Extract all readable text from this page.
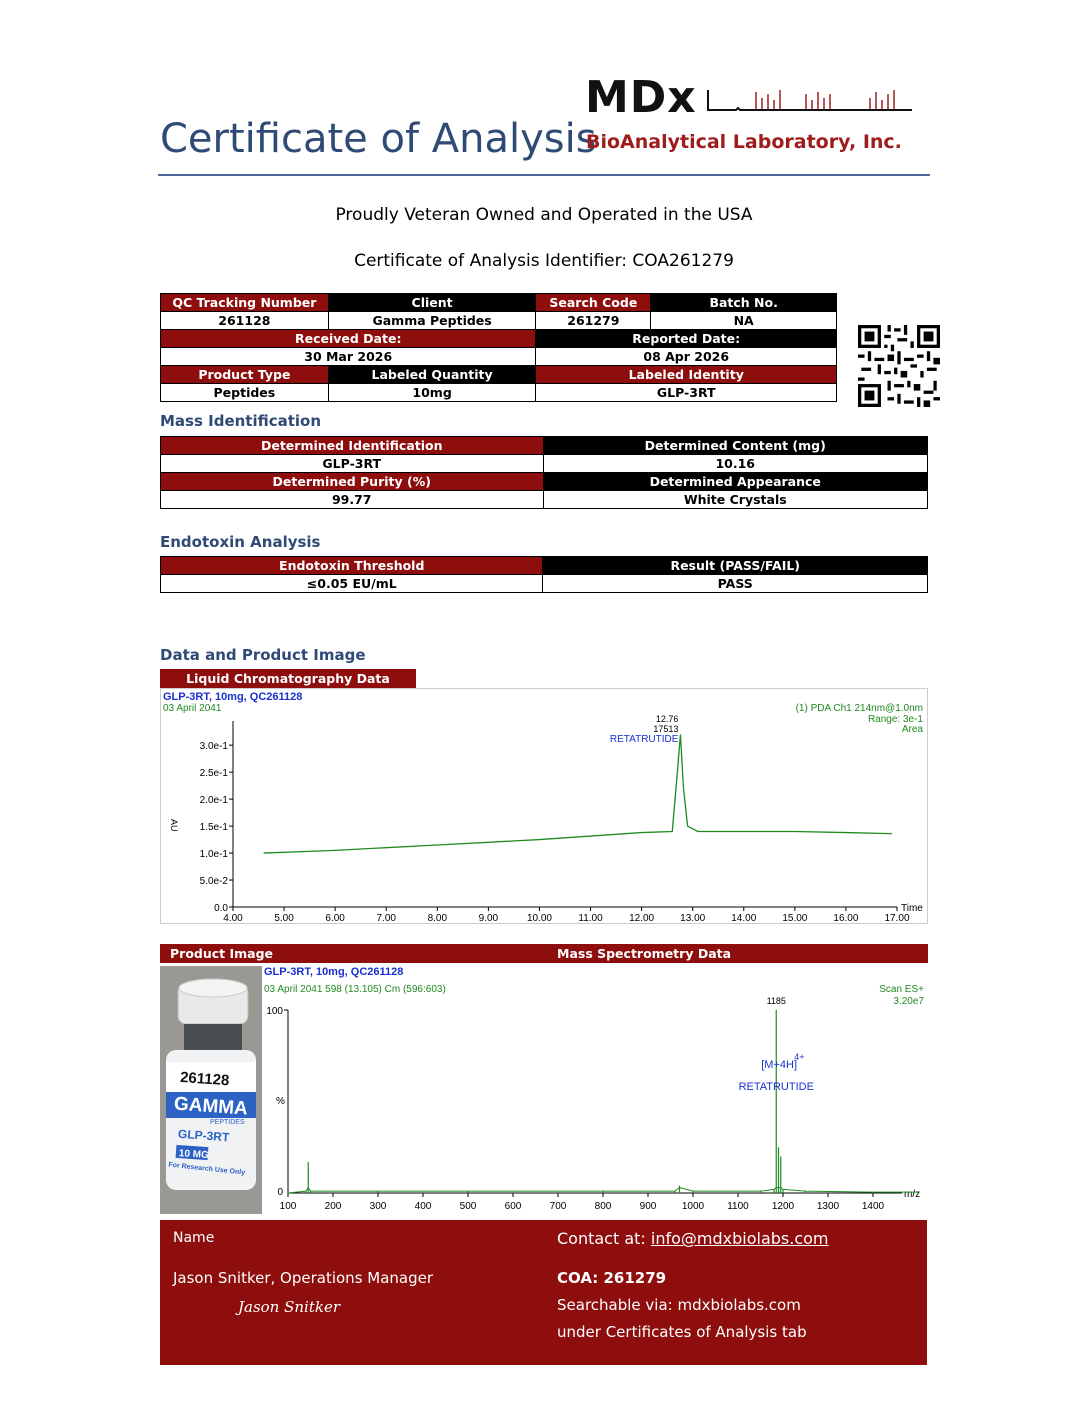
MDx
Certificate of Analysis
BioAnalytical Laboratory, Inc.
Proudly Veteran Owned and Operated in the USA
Certificate of Analysis Identifier: COA261279
QC Tracking Number	Client	Search Code	Batch No.
261128	Gamma Peptides	261279	NA
Received Date:		Reported Date:	
30 Mar 2026		08 Apr 2026	
Product Type	Labeled Quantity	Labeled Identity	
Peptides	10mg	GLP-3RT	
Mass Identification
Determined Identification	Determined Content (mg)
GLP-3RT	10.16
Determined Purity (%)	Determined Appearance
99.77	White Crystals
Endotoxin Analysis
Endotoxin Threshold	Result (PASS/FAIL)
≤0.05 EU/mL	PASS
Data and Product Image
Liquid Chromatography Data
GLP-3RT, 10mg, QC261128
03 April 2041	(1) PDA Ch1 214nm@1.0nm
Range: 3e-1
Area
AU
3.0e-1
2.5e-1
2.0e-1
1.5e-1
1.0e-1
5.0e-2
0.0
4.00	5.00	6.00	7.00	8.00	9.00	10.00	11.00	12.00	13.00	14.00	15.00	16.00	17.00
Time
12.76
17513
RETATRUTIDE
Product Image	Mass Spectrometry Data
261128
GAMMA
PEPTIDES
GLP-3RT
10 MG
For Research Use Only
GLP-3RT, 10mg, QC261128
03 April 2041 598 (13.105) Cm (596:603)	Scan ES+
3.20e7
100
0
%
100	200	300	400	500	600	700	800	900	1000 1100 1200 1300 1400
m/z
1185
[M+4H]
4+
RETATRUTIDE
Name
Jason Snitker, Operations Manager
Jason Snitker
Contact at: info@mdxbiolabs.com
COA: 261279
Searchable via: mdxbiolabs.com
under Certificates of Analysis tab
